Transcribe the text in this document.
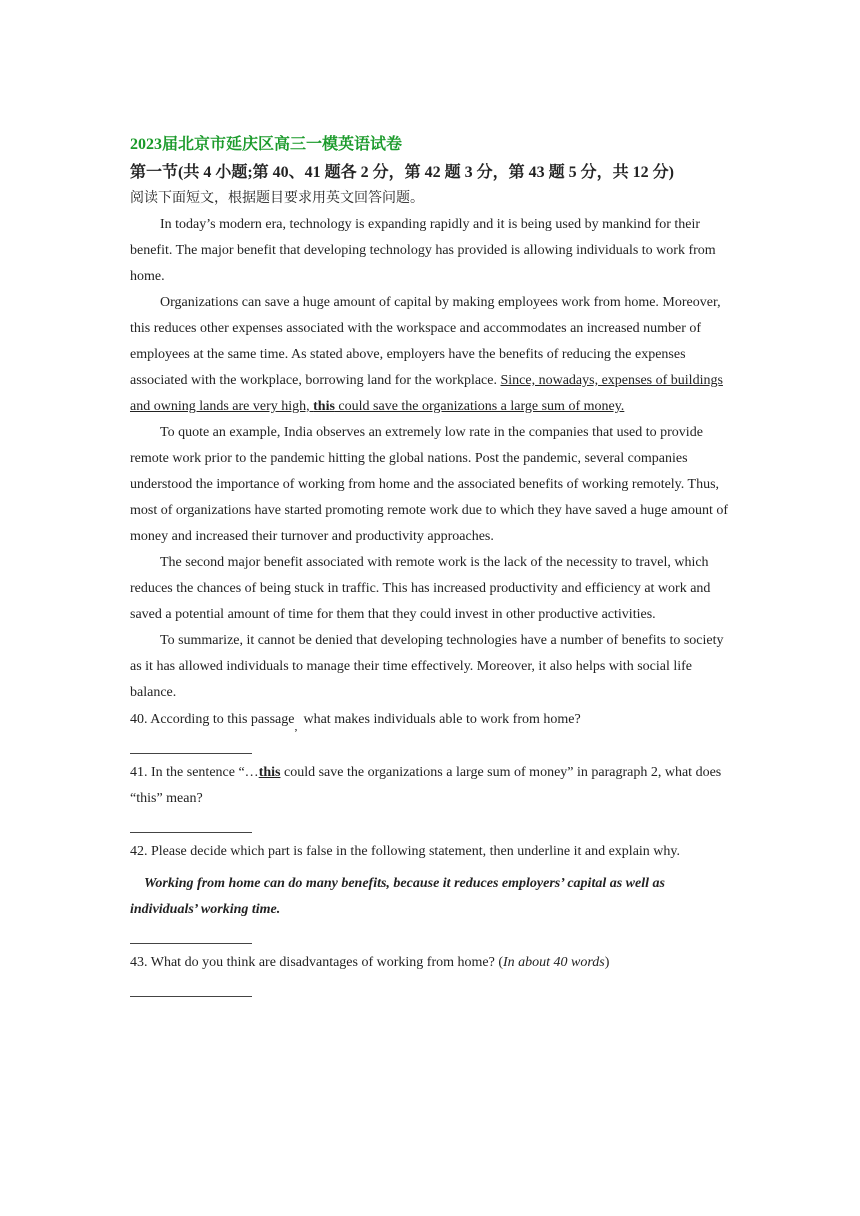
2023届北京市延庆区高三一模英语试卷
第一节(共 4 小题;第 40、41 题各 2 分，第 42 题 3 分，第 43 题 5 分，共 12 分)
阅读下面短文，根据题目要求用英文回答问题。

In today’s modern era, technology is expanding rapidly and it is being used by mankind for their benefit. The major benefit that developing technology has provided is allowing individuals to work from home.

Organizations can save a huge amount of capital by making employees work from home. Moreover, this reduces other expenses associated with the workspace and accommodates an increased number of employees at the same time. As stated above, employers have the benefits of reducing the expenses associated with the workplace, borrowing land for the workplace. Since, nowadays, expenses of buildings and owning lands are very high, this could save the organizations a large sum of money.

To quote an example, India observes an extremely low rate in the companies that used to provide remote work prior to the pandemic hitting the global nations. Post the pandemic, several companies understood the importance of working from home and the associated benefits of working remotely. Thus, most of organizations have started promoting remote work due to which they have saved a huge amount of money and increased their turnover and productivity approaches.

The second major benefit associated with remote work is the lack of the necessity to travel, which reduces the chances of being stuck in traffic. This has increased productivity and efficiency at work and saved a potential amount of time for them that they could invest in other productive activities.

To summarize, it cannot be denied that developing technologies have a number of benefits to society as it has allowed individuals to manage their time effectively. Moreover, it also helps with social life balance.

40. According to this passage, what makes individuals able to work from home?

41. In the sentence “…this could save the organizations a large sum of money” in paragraph 2, what does “this” mean?

42. Please decide which part is false in the following statement, then underline it and explain why.

Working from home can do many benefits, because it reduces employers’ capital as well as individuals’ working time.

43. What do you think are disadvantages of working from home? (In about 40 words)
